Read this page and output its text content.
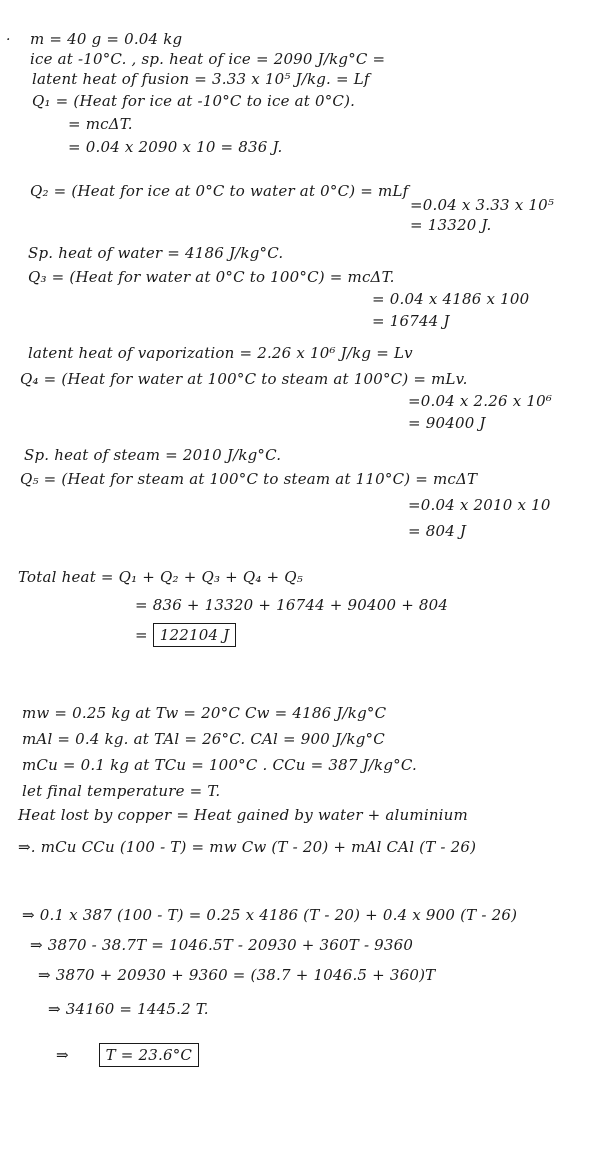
· m = 40 g = 0.04 kg
ice at -10°C. , sp. heat of ice = 2090 J/kg°C =
latent heat of fusion = 3.33 x 10⁵ J/kg. = Lf
Q₁ = (Heat for ice at -10°C to ice at 0°C).
= mcΔT.
= 0.04 x 2090 x 10 = 836 J.
Q₂ = (Heat for ice at 0°C to water at 0°C) = mLf
=0.04 x 3.33 x 10⁵
= 13320 J.
Sp. heat of water = 4186 J/kg°C.
Q₃ = (Heat for water at 0°C to 100°C) = mcΔT.
= 0.04 x 4186 x 100
= 16744 J
latent heat of vaporization = 2.26 x 10⁶ J/kg = Lv
Q₄ = (Heat for water at 100°C to steam at 100°C) = mLv.
=0.04 x 2.26 x 10⁶
= 90400 J
Sp. heat of steam = 2010 J/kg°C.
Q₅ = (Heat for steam at 100°C to steam at 110°C) = mcΔT
=0.04 x 2010 x 10
= 804 J
Total heat = Q₁ + Q₂ + Q₃ + Q₄ + Q₅
= 836 + 13320 + 16744 + 90400 + 804
= 122104 J
mw = 0.25 kg at Tw = 20°C Cw = 4186 J/kg°C
mAl = 0.4 kg. at TAl = 26°C. CAl = 900 J/kg°C
mCu = 0.1 kg at TCu = 100°C . CCu = 387 J/kg°C.
let final temperature = T.
Heat lost by copper = Heat gained by water + aluminium
⇒. mCu CCu (100 - T) = mw Cw (T - 20) + mAl CAl (T - 26)
⇒ 0.1 x 387 (100 - T) = 0.25 x 4186 (T - 20) + 0.4 x 900 (T - 26)
⇒ 3870 - 38.7T = 1046.5T - 20930 + 360T - 9360
⇒ 3870 + 20930 + 9360 = (38.7 + 1046.5 + 360)T
⇒ 34160 = 1445.2 T.
⇒ T = 23.6°C
